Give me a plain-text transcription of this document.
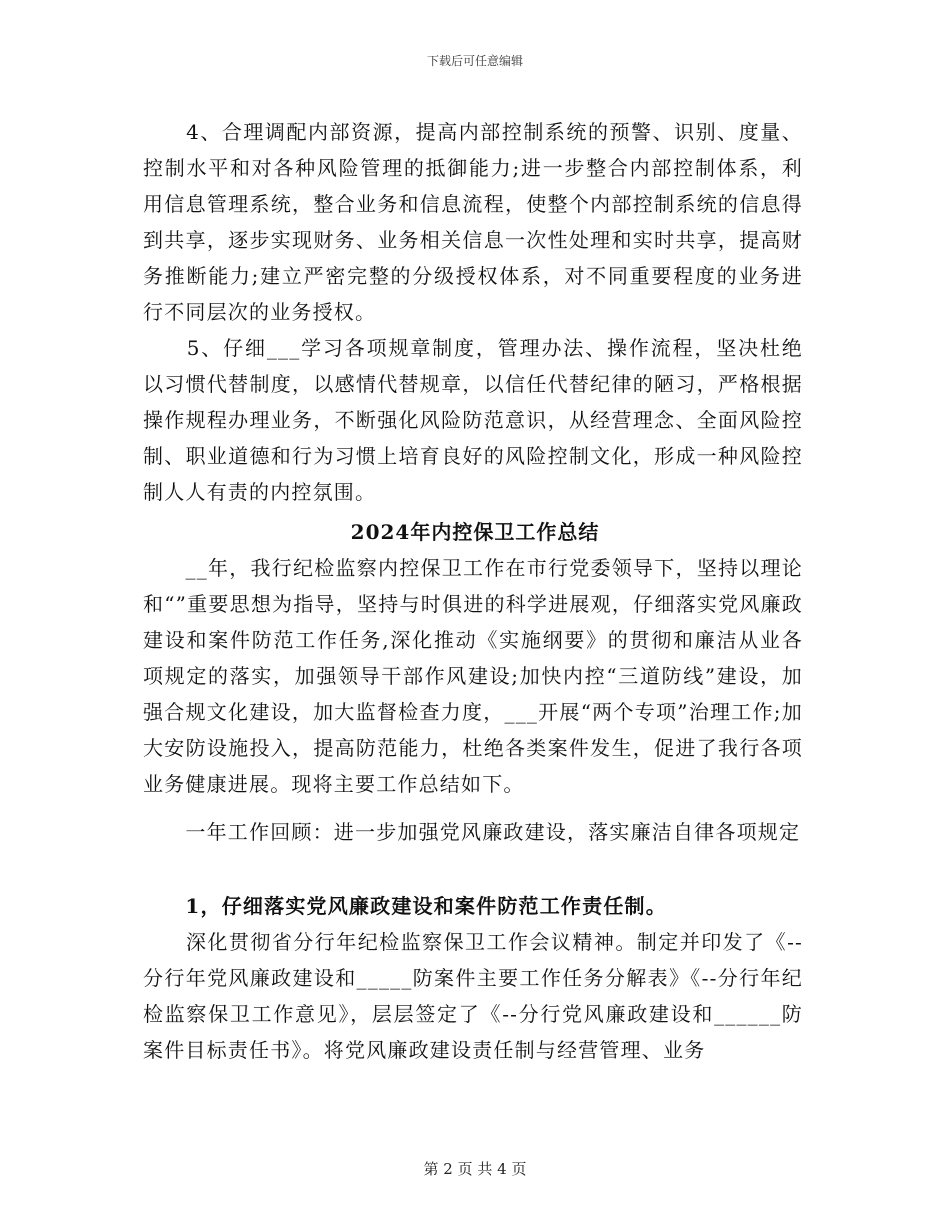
下载后可任意编辑

　　4、合理调配内部资源，提高内部控制系统的预警、识别、度量、控制水平和对各种风险管理的抵御能力;进一步整合内部控制体系，利用信息管理系统，整合业务和信息流程，使整个内部控制系统的信息得到共享，逐步实现财务、业务相关信息一次性处理和实时共享，提高财务推断能力;建立严密完整的分级授权体系，对不同重要程度的业务进行不同层次的业务授权。

　　5、仔细___学习各项规章制度，管理办法、操作流程，坚决杜绝以习惯代替制度，以感情代替规章，以信任代替纪律的陋习，严格根据操作规程办理业务，不断强化风险防范意识，从经营理念、全面风险控制、职业道德和行为习惯上培育良好的风险控制文化，形成一种风险控制人人有责的内控氛围。

2024年内控保卫工作总结

　　__年，我行纪检监察内控保卫工作在市行党委领导下，坚持以理论和“”重要思想为指导，坚持与时俱进的科学进展观，仔细落实党风廉政建设和案件防范工作任务,深化推动《实施纲要》的贯彻和廉洁从业各项规定的落实，加强领导干部作风建设;加快内控“三道防线”建设，加强合规文化建设，加大监督检查力度，___开展“两个专项”治理工作;加大安防设施投入，提高防范能力，杜绝各类案件发生，促进了我行各项业务健康进展。现将主要工作总结如下。

　　一年工作回顾：进一步加强党风廉政建设，落实廉洁自律各项规定

　　1，仔细落实党风廉政建设和案件防范工作责任制。

　　深化贯彻省分行年纪检监察保卫工作会议精神。制定并印发了《--分行年党风廉政建设和_____防案件主要工作任务分解表》《--分行年纪检监察保卫工作意见》，层层签定了《--分行党风廉政建设和______防案件目标责任书》。将党风廉政建设责任制与经营管理、业务

第 2 页 共 4 页
